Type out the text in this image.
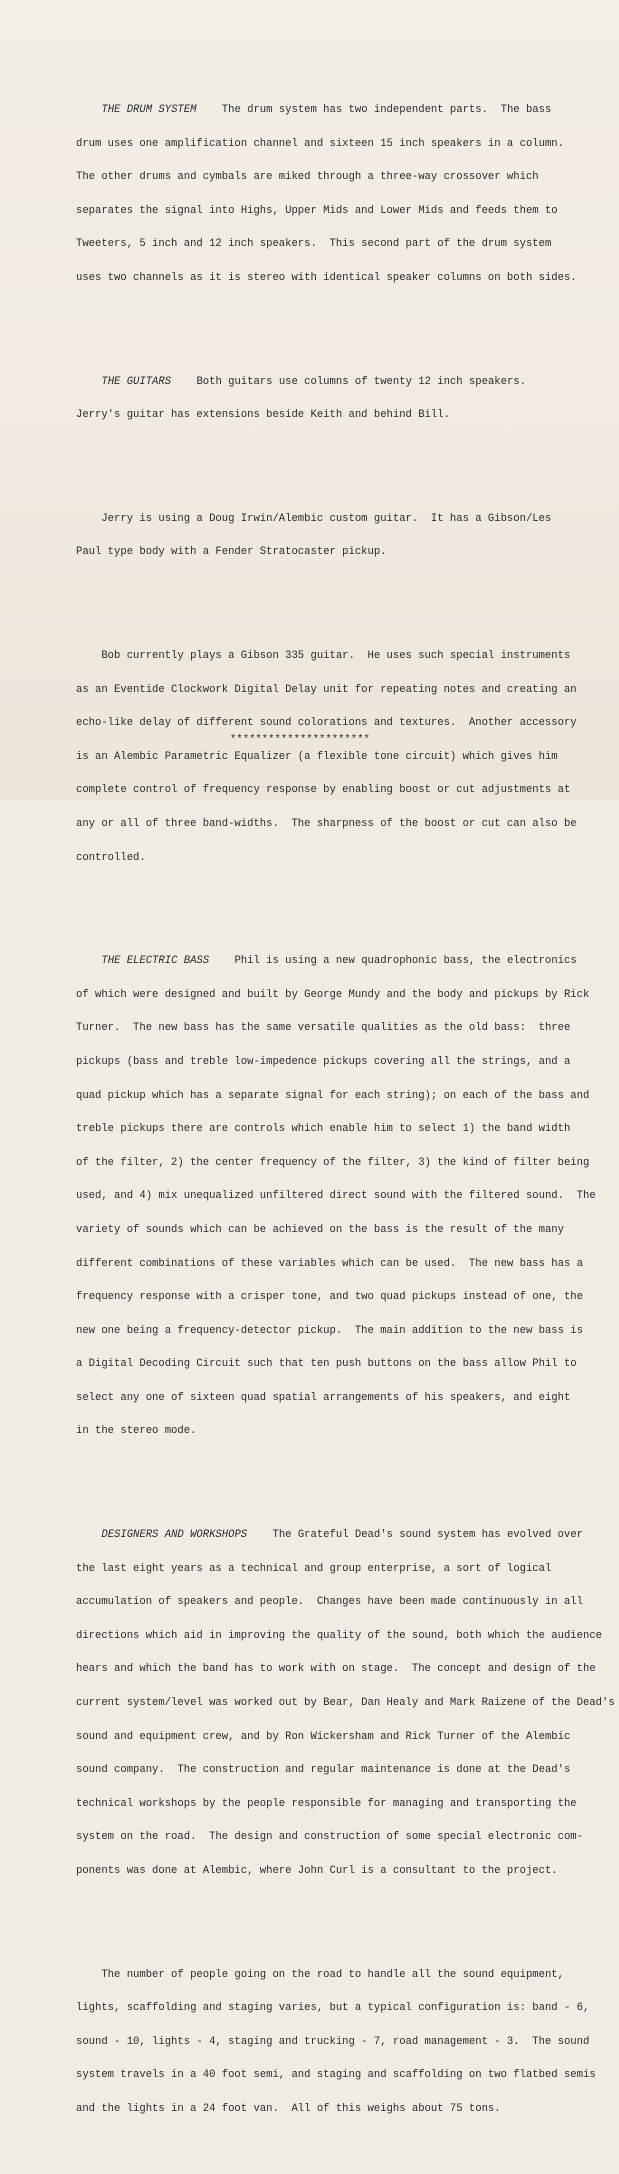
THE DRUM SYSTEM The drum system has two independent parts.  The bass

drum uses one amplification channel and sixteen 15 inch speakers in a column.

The other drums and cymbals are miked through a three-way crossover which

separates the signal into Highs, Upper Mids and Lower Mids and feeds them to

Tweeters, 5 inch and 12 inch speakers.  This second part of the drum system

uses two channels as it is stereo with identical speaker columns on both sides.

THE GUITARS Both guitars use columns of twenty 12 inch speakers.

Jerry's guitar has extensions beside Keith and behind Bill.

Jerry is using a Doug Irwin/Alembic custom guitar.  It has a Gibson/Les

Paul type body with a Fender Stratocaster pickup.

Bob currently plays a Gibson 335 guitar.  He uses such special instruments

as an Eventide Clockwork Digital Delay unit for repeating notes and creating an

echo-like delay of different sound colorations and textures.  Another accessory

is an Alembic Parametric Equalizer (a flexible tone circuit) which gives him

complete control of frequency response by enabling boost or cut adjustments at

any or all of three band-widths.  The sharpness of the boost or cut can also be

controlled.

THE ELECTRIC BASS Phil is using a new quadrophonic bass, the electronics

of which were designed and built by George Mundy and the body and pickups by Rick

Turner.  The new bass has the same versatile qualities as the old bass:  three

pickups (bass and treble low-impedence pickups covering all the strings, and a

quad pickup which has a separate signal for each string); on each of the bass and

treble pickups there are controls which enable him to select 1) the band width

of the filter, 2) the center frequency of the filter, 3) the kind of filter being

used, and 4) mix unequalized unfiltered direct sound with the filtered sound.  The

variety of sounds which can be achieved on the bass is the result of the many

different combinations of these variables which can be used.  The new bass has a

frequency response with a crisper tone, and two quad pickups instead of one, the

new one being a frequency-detector pickup.  The main addition to the new bass is

a Digital Decoding Circuit such that ten push buttons on the bass allow Phil to

select any one of sixteen quad spatial arrangements of his speakers, and eight

in the stereo mode.

DESIGNERS AND WORKSHOPS The Grateful Dead's sound system has evolved over

the last eight years as a technical and group enterprise, a sort of logical

accumulation of speakers and people.  Changes have been made continuously in all

directions which aid in improving the quality of the sound, both which the audience

hears and which the band has to work with on stage.  The concept and design of the

current system/level was worked out by Bear, Dan Healy and Mark Raizene of the Dead's

sound and equipment crew, and by Ron Wickersham and Rick Turner of the Alembic

sound company.  The construction and regular maintenance is done at the Dead's

technical workshops by the people responsible for managing and transporting the

system on the road.  The design and construction of some special electronic com-

ponents was done at Alembic, where John Curl is a consultant to the project.

The number of people going on the road to handle all the sound equipment,

lights, scaffolding and staging varies, but a typical configuration is: band - 6,

sound - 10, lights - 4, staging and trucking - 7, road management - 3.  The sound

system travels in a 40 foot semi, and staging and scaffolding on two flatbed semis

and the lights in a 24 foot van.  All of this weighs about 75 tons.

**********************
